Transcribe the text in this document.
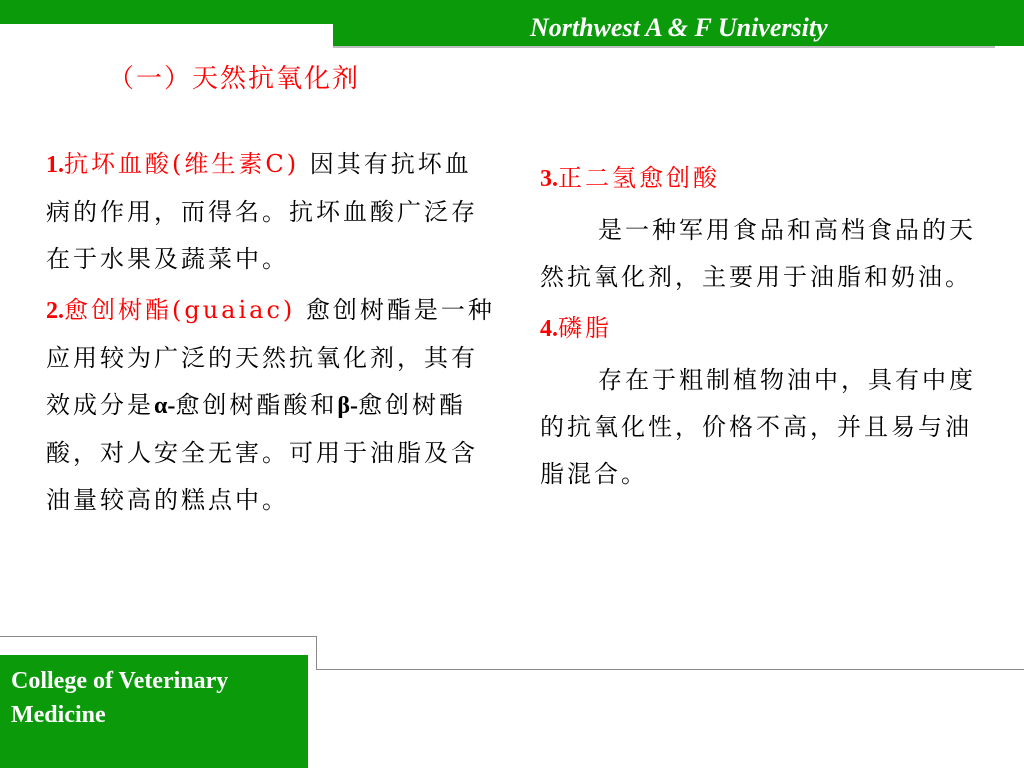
Northwest A & F University
（一）天然抗氧化剂

1.抗坏血酸(维生素C) 因其有抗坏血病的作用，而得名。抗坏血酸广泛存在于水果及蔬菜中。

2.愈创树酯(guaiac) 愈创树酯是一种应用较为广泛的天然抗氧化剂，其有效成分是α-愈创树酯酸和β-愈创树酯酸，对人安全无害。可用于油脂及含油量较高的糕点中。

3.正二氢愈创酸

是一种军用食品和高档食品的天然抗氧化剂，主要用于油脂和奶油。

4.磷脂

存在于粗制植物油中，具有中度的抗氧化性，价格不高，并且易与油脂混合。

College of Veterinary
Medicine
